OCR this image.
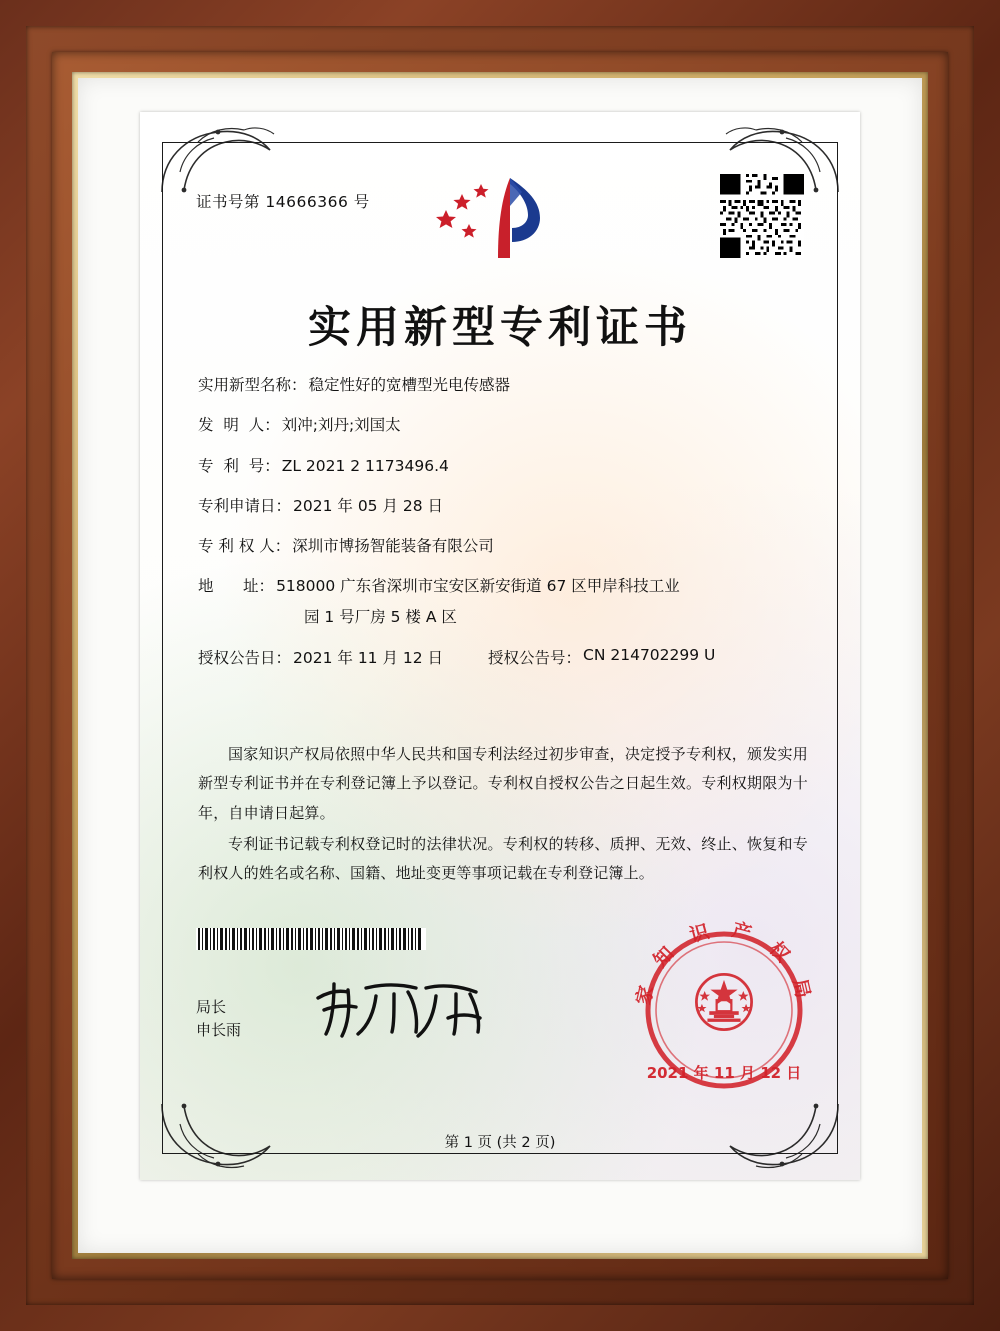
证书号第 14666366 号
实用新型专利证书
实用新型名称： 稳定性好的宽槽型光电传感器
发  明  人： 刘冲;刘丹;刘国太
专  利  号： ZL 2021 2 1173496.4
专利申请日： 2021 年 05 月 28 日
专 利 权 人： 深圳市博扬智能装备有限公司
地      址： 518000 广东省深圳市宝安区新安街道 67 区甲岸科技工业
园 1 号厂房 5 楼 A 区
授权公告日： 2021 年 11 月 12 日	授权公告号： CN 214702299 U

国家知识产权局依照中华人民共和国专利法经过初步审查，决定授予专利权，颁发实用新型专利证书并在专利登记簿上予以登记。专利权自授权公告之日起生效。专利权期限为十年，自申请日起算。

专利证书记载专利权登记时的法律状况。专利权的转移、质押、无效、终止、恢复和专利权人的姓名或名称、国籍、地址变更等事项记载在专利登记簿上。

局长
申长雨
家 知 识 产 权 局
2021 年 11 月 12 日
第 1 页 (共 2 页)
